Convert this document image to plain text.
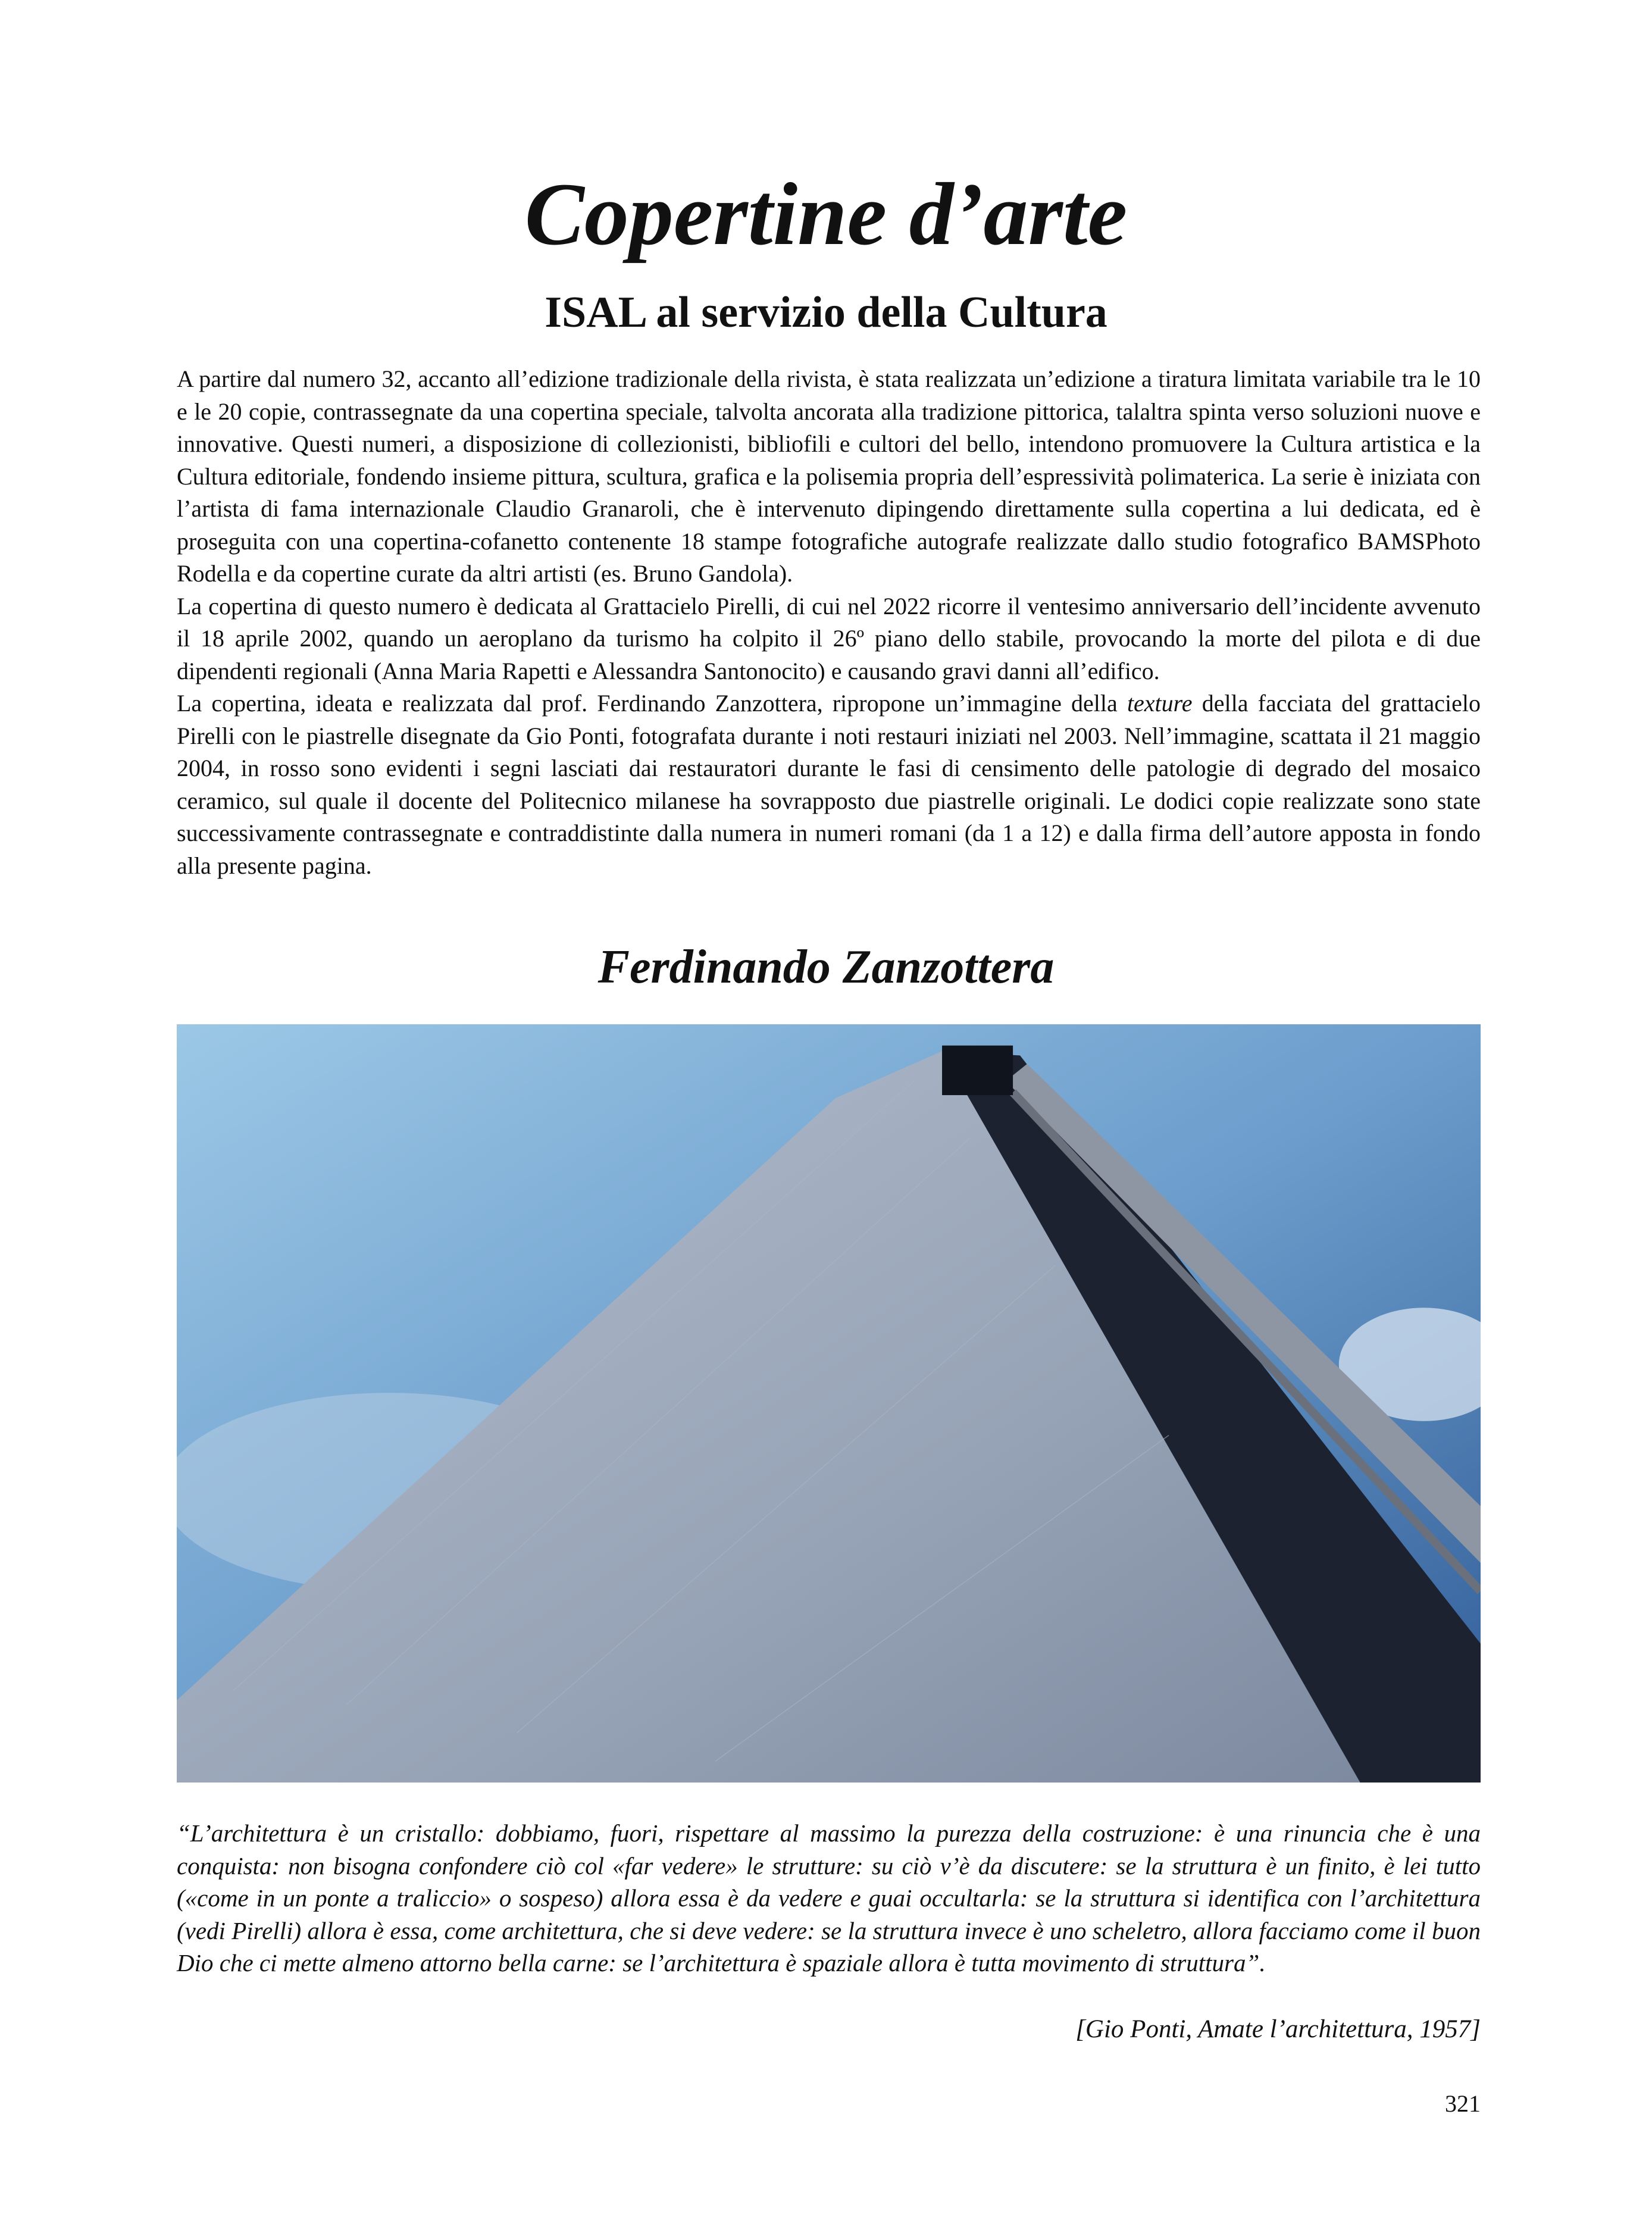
Copertine d’arte
ISAL al servizio della Cultura

A partire dal numero 32, accanto all’edizione tradizionale della rivista, è stata realizzata un’edizione a tiratura limitata variabile tra le 10 e le 20 copie, contrassegnate da una copertina speciale, talvolta ancorata alla tradizione pittorica, talaltra spinta verso soluzioni nuove e innovative. Questi numeri, a disposizione di collezionisti, bibliofili e cultori del bello, intendono promuovere la Cultura artistica e la Cultura editoriale, fondendo insieme pittura, scultura, grafica e la polisemia propria dell’espressività polimaterica. La serie è iniziata con l’artista di fama internazionale Claudio Granaroli, che è intervenuto dipingendo direttamente sulla copertina a lui dedicata, ed è proseguita con una copertina-cofanetto contenente 18 stampe fotografiche autografe realizzate dallo studio fotografico BAMSPhoto Rodella e da copertine curate da altri artisti (es. Bruno Gandola).

La copertina di questo numero è dedicata al Grattacielo Pirelli, di cui nel 2022 ricorre il ventesimo anniversario dell’incidente avvenuto il 18 aprile 2002, quando un aeroplano da turismo ha colpito il 26º piano dello stabile, provocando la morte del pilota e di due dipendenti regionali (Anna Maria Rapetti e Alessandra Santonocito) e causando gravi danni all’edifico.

La copertina, ideata e realizzata dal prof. Ferdinando Zanzottera, ripropone un’immagine della texture della facciata del grattacielo Pirelli con le piastrelle disegnate da Gio Ponti, fotografata durante i noti restauri iniziati nel 2003. Nell’immagine, scattata il 21 maggio 2004, in rosso sono evidenti i segni lasciati dai restauratori durante le fasi di censimento delle patologie di degrado del mosaico ceramico, sul quale il docente del Politecnico milanese ha sovrapposto due piastrelle originali. Le dodici copie realizzate sono state successivamente contrassegnate e contraddistinte dalla numera in numeri romani (da 1 a 12) e dalla firma dell’autore apposta in fondo alla presente pagina.

Ferdinando Zanzottera

“L’architettura è un cristallo: dobbiamo, fuori, rispettare al massimo la purezza della costruzione: è una rinuncia che è una conquista: non bisogna confondere ciò col «far vedere» le strutture: su ciò v’è da discutere: se la struttura è un finito, è lei tutto («come in un ponte a traliccio» o sospeso) allora essa è da vedere e guai occultarla: se la struttura si identifica con l’architettura (vedi Pirelli) allora è essa, come architettura, che si deve vedere: se la struttura invece è uno scheletro, allora facciamo come il buon Dio che ci mette almeno attorno bella carne: se l’architettura è spaziale allora è tutta movimento di struttura”.

[Gio Ponti, Amate l’architettura, 1957]
321
